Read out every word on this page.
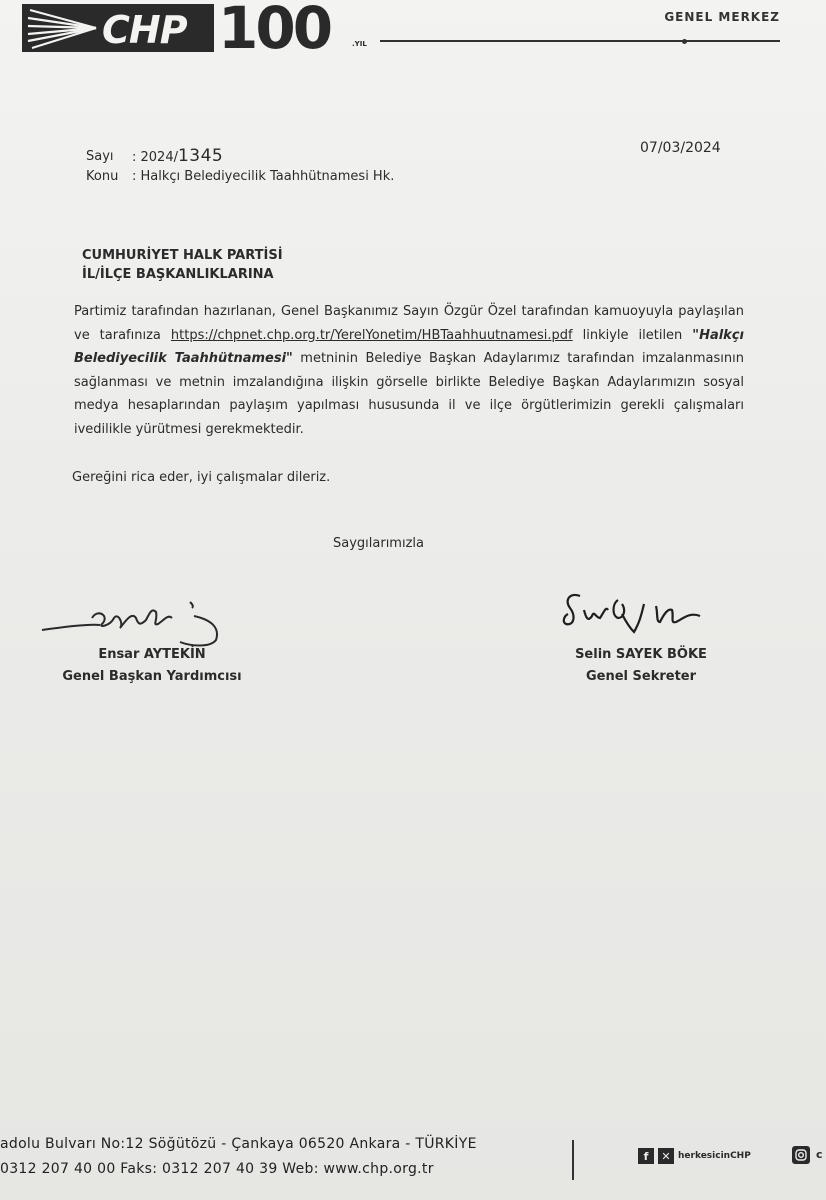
CHP 100	.YIL
GENEL MERKEZ
Sayı	: 2024/1345
Konu	: Halkçı Belediyecilik Taahhütnamesi Hk.
07/03/2024
CUMHURİYET HALK PARTİSİ
İL/İLÇE BAŞKANLIKLARINA
Partimiz tarafından hazırlanan, Genel Başkanımız Sayın Özgür Özel tarafından kamuoyuyla paylaşılan ve tarafınıza https://chpnet.chp.org.tr/YerelYonetim/HBTaahhuutnamesi.pdf linkiyle iletilen "Halkçı Belediyecilik Taahhütnamesi" metninin Belediye Başkan Adaylarımız tarafından imzalanmasının sağlanması ve metnin imzalandığına ilişkin görselle birlikte Belediye Başkan Adaylarımızın sosyal medya hesaplarından paylaşım yapılması hususunda il ve ilçe örgütlerimizin gerekli çalışmaları ivedilikle yürütmesi gerekmektedir.
Gereğini rica eder, iyi çalışmalar dileriz.
Saygılarımızla
Ensar AYTEKİN
Genel Başkan Yardımcısı
Selin SAYEK BÖKE
Genel Sekreter
adolu Bulvarı No:12 Söğütözü - Çankaya 06520 Ankara - TÜRKİYE
0312 207 40 00 Faks: 0312 207 40 39 Web: www.chp.org.tr
f	✕ herkesicinCHP	c
